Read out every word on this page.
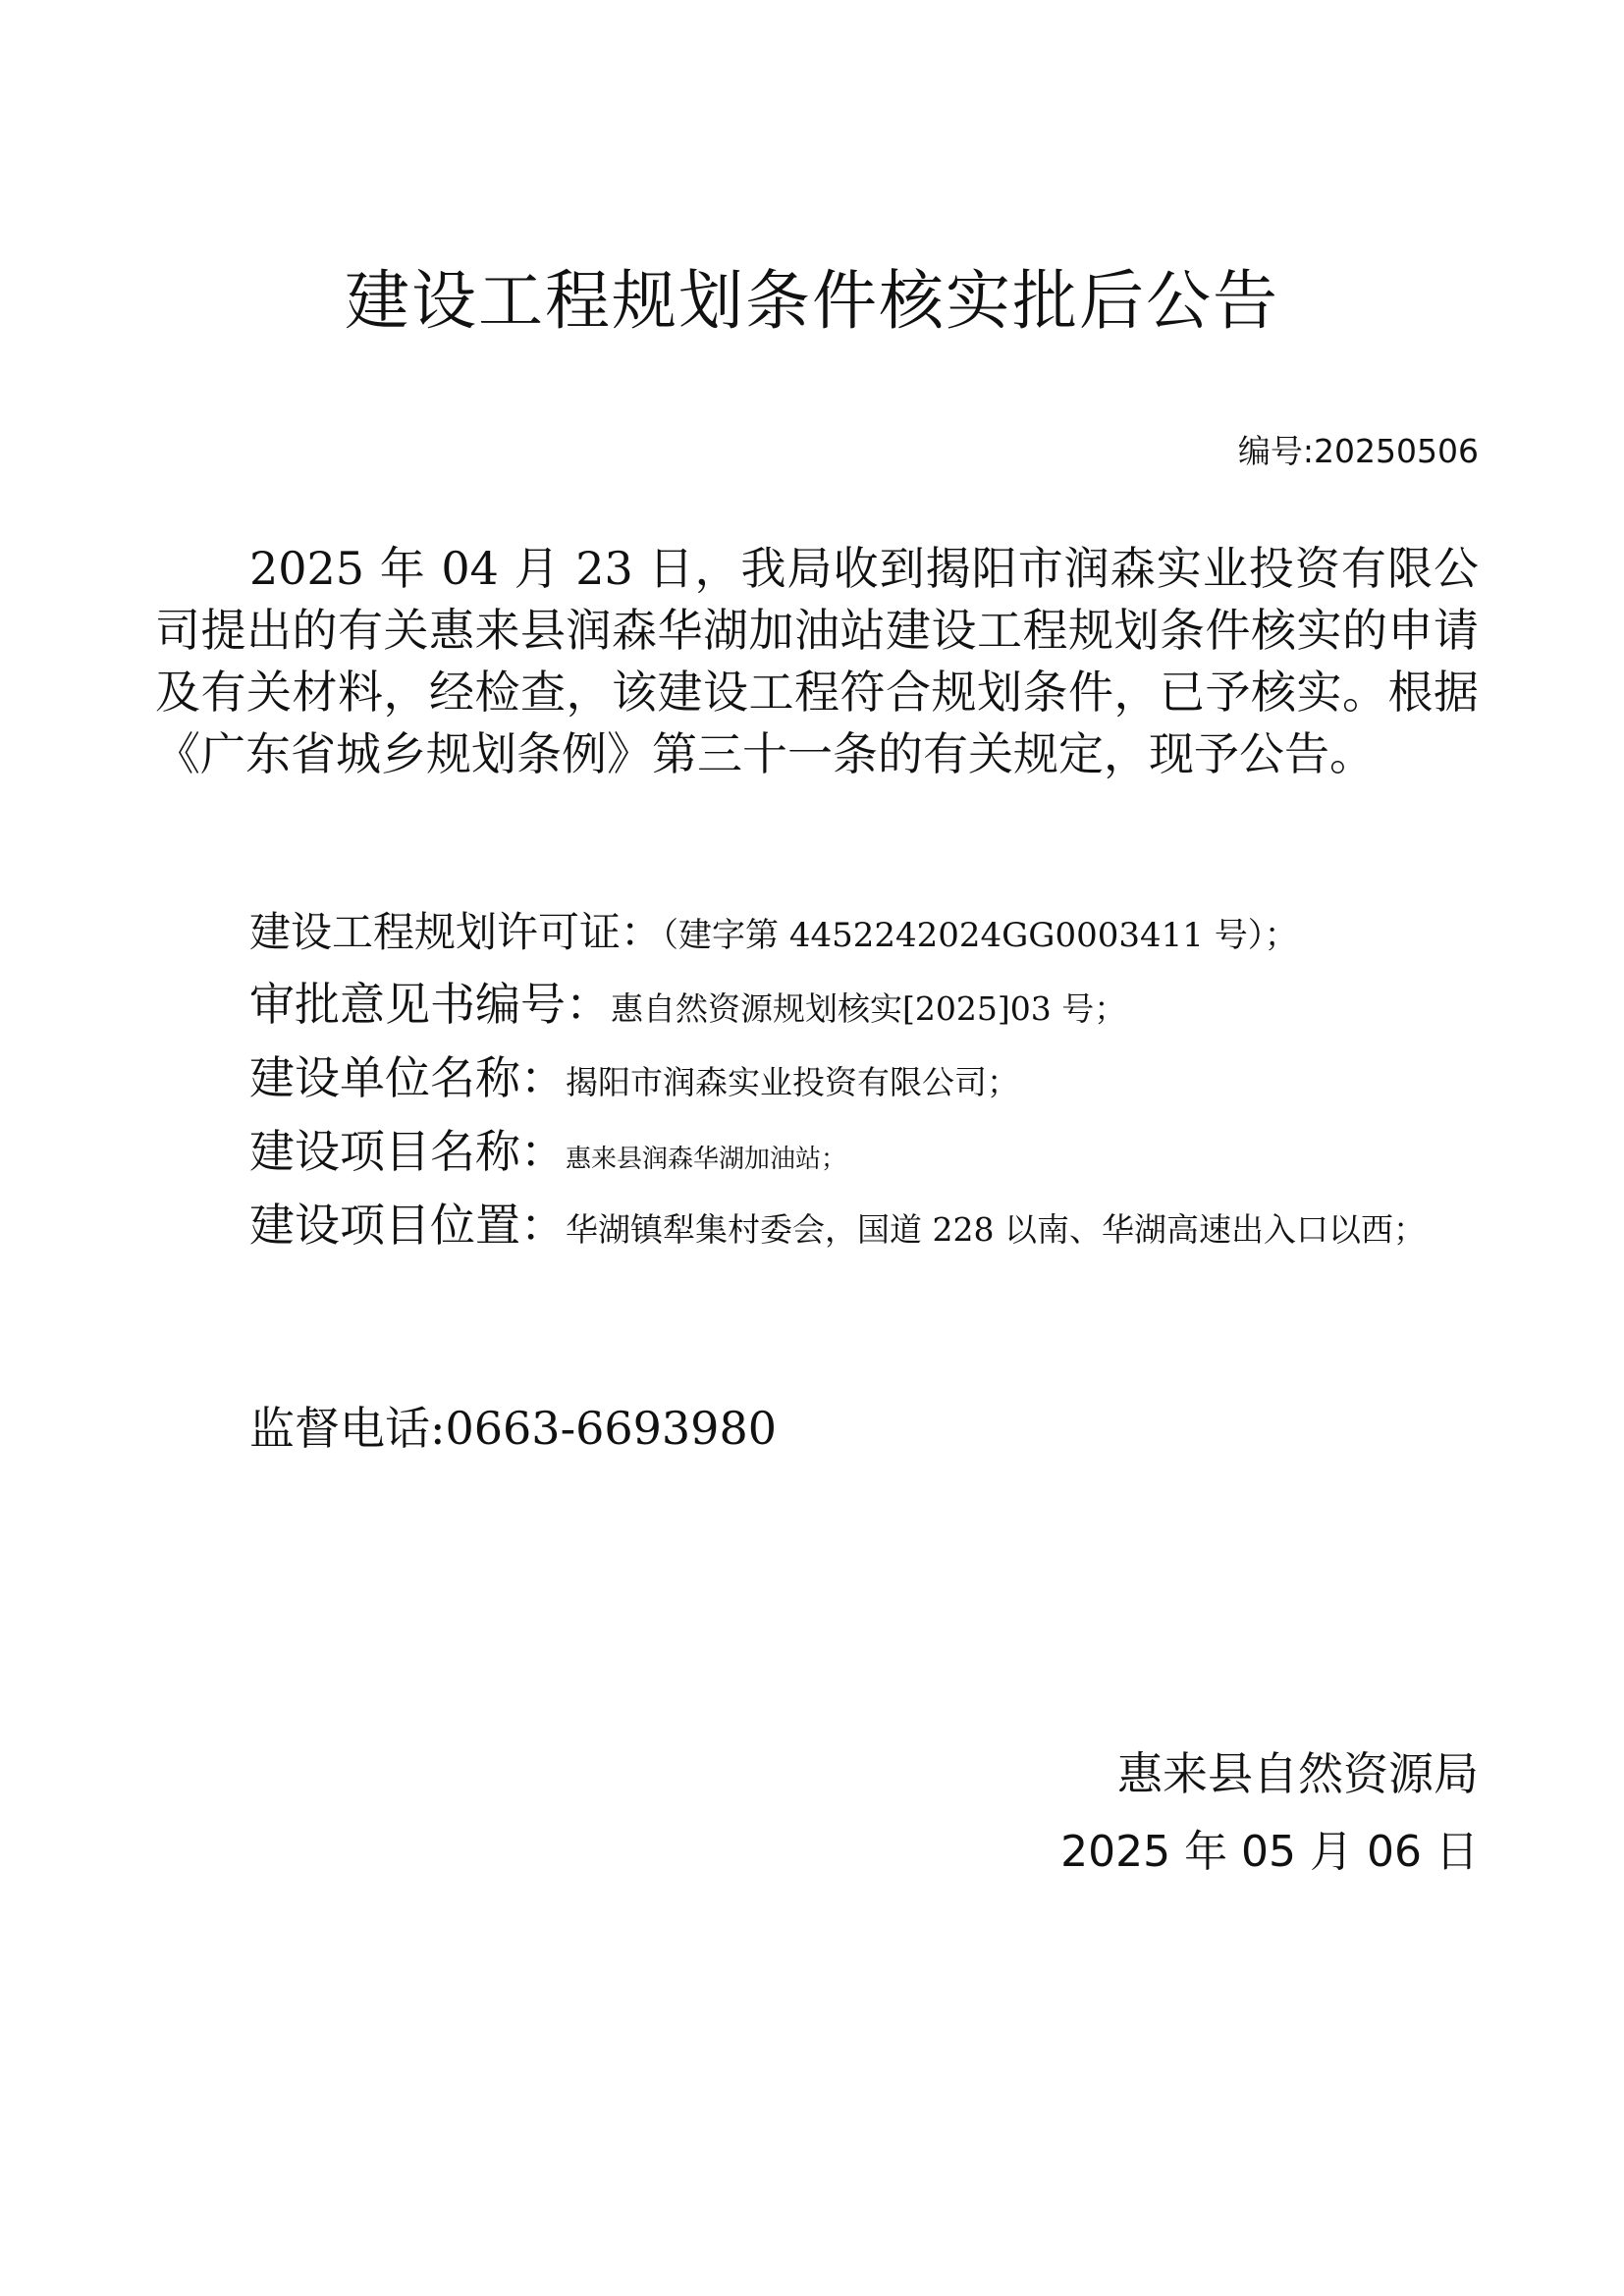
建设工程规划条件核实批后公告
编号:20250506

2025 年 04 月 23 日，我局收到揭阳市润森实业投资有限公司提出的有关惠来县润森华湖加油站建设工程规划条件核实的申请及有关材料，经检查，该建设工程符合规划条件，已予核实。根据《广东省城乡规划条例》第三十一条的有关规定，现予公告。

建设工程规划许可证：（建字第 4452242024GG0003411 号）；
审批意见书编号：惠自然资源规划核实[2025]03 号；
建设单位名称：揭阳市润森实业投资有限公司；
建设项目名称：惠来县润森华湖加油站；
建设项目位置：华湖镇犁集村委会，国道 228 以南、华湖高速出入口以西；
监督电话:0663-6693980
惠来县自然资源局
2025 年 05 月 06 日
